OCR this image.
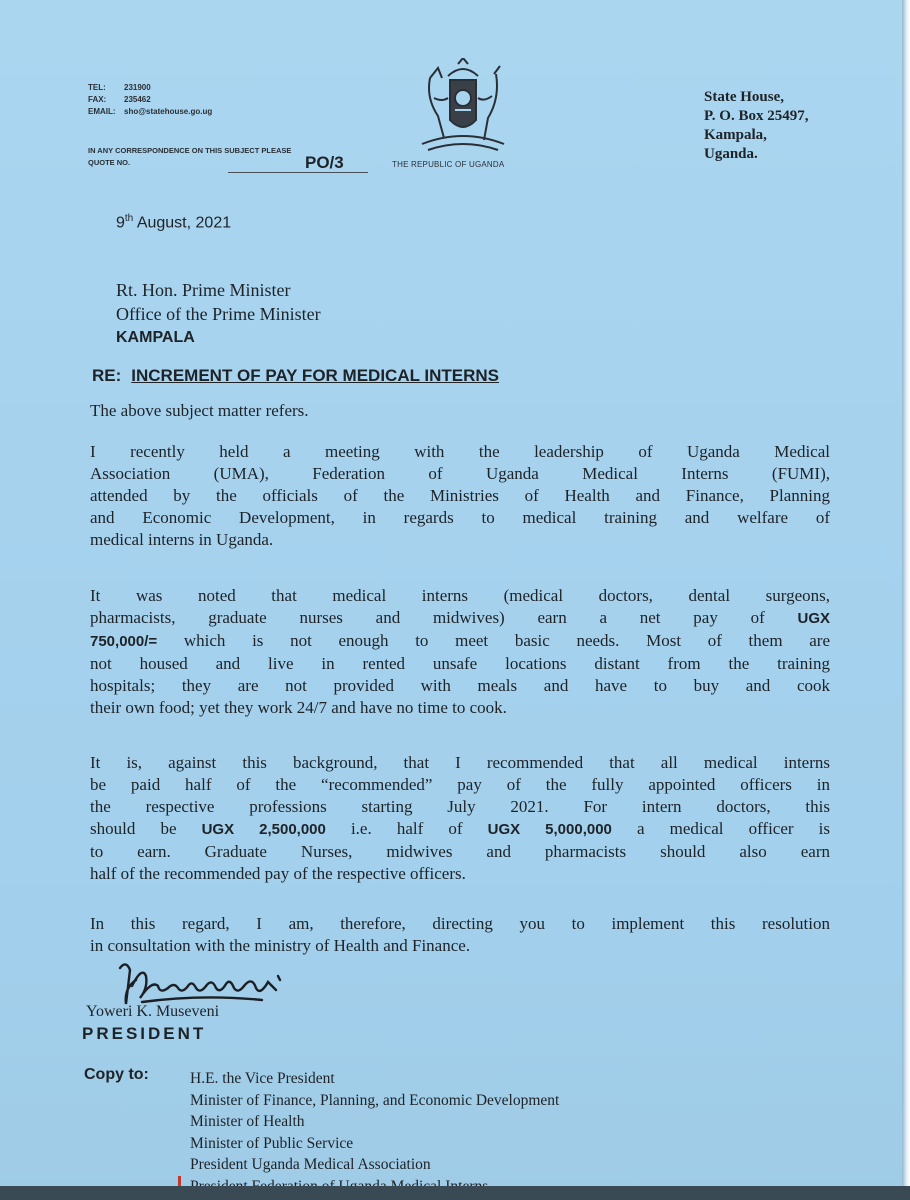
TEL:	231900
FAX:	235462
EMAIL:	sho@statehouse.go.ug
IN ANY CORRESPONDENCE ON THIS SUBJECT PLEASE QUOTE NO.	PO/3	THE REPUBLIC OF UGANDA
State House,
P. O. Box 25497,
Kampala,
Uganda.
9th August, 2021
Rt. Hon. Prime Minister
Office of the Prime Minister
KAMPALA
RE: INCREMENT OF PAY FOR MEDICAL INTERNS
The above subject matter refers.
I recently held a meeting with the leadership of Uganda Medical
Association (UMA), Federation of Uganda Medical Interns (FUMI),
attended by the officials of the Ministries of Health and Finance, Planning
and Economic Development, in regards to medical training and welfare of
medical interns in Uganda.
It was noted that medical interns (medical doctors, dental surgeons,
pharmacists, graduate nurses and midwives) earn a net pay of UGX
750,000/= which is not enough to meet basic needs. Most of them are
not housed and live in rented unsafe locations distant from the training
hospitals; they are not provided with meals and have to buy and cook
their own food; yet they work 24/7 and have no time to cook.
It is, against this background, that I recommended that all medical interns
be paid half of the “recommended” pay of the fully appointed officers in
the respective professions starting July 2021. For intern doctors, this
should be UGX 2,500,000 i.e. half of UGX 5,000,000 a medical officer is
to earn. Graduate Nurses, midwives and pharmacists should also earn
half of the recommended pay of the respective officers.
In this regard, I am, therefore, directing you to implement this resolution
in consultation with the ministry of Health and Finance.
Yoweri K. Museveni
PRESIDENT
Copy to:	H.E. the Vice President
Minister of Finance, Planning, and Economic Development
Minister of Health
Minister of Public Service
President Uganda Medical Association
